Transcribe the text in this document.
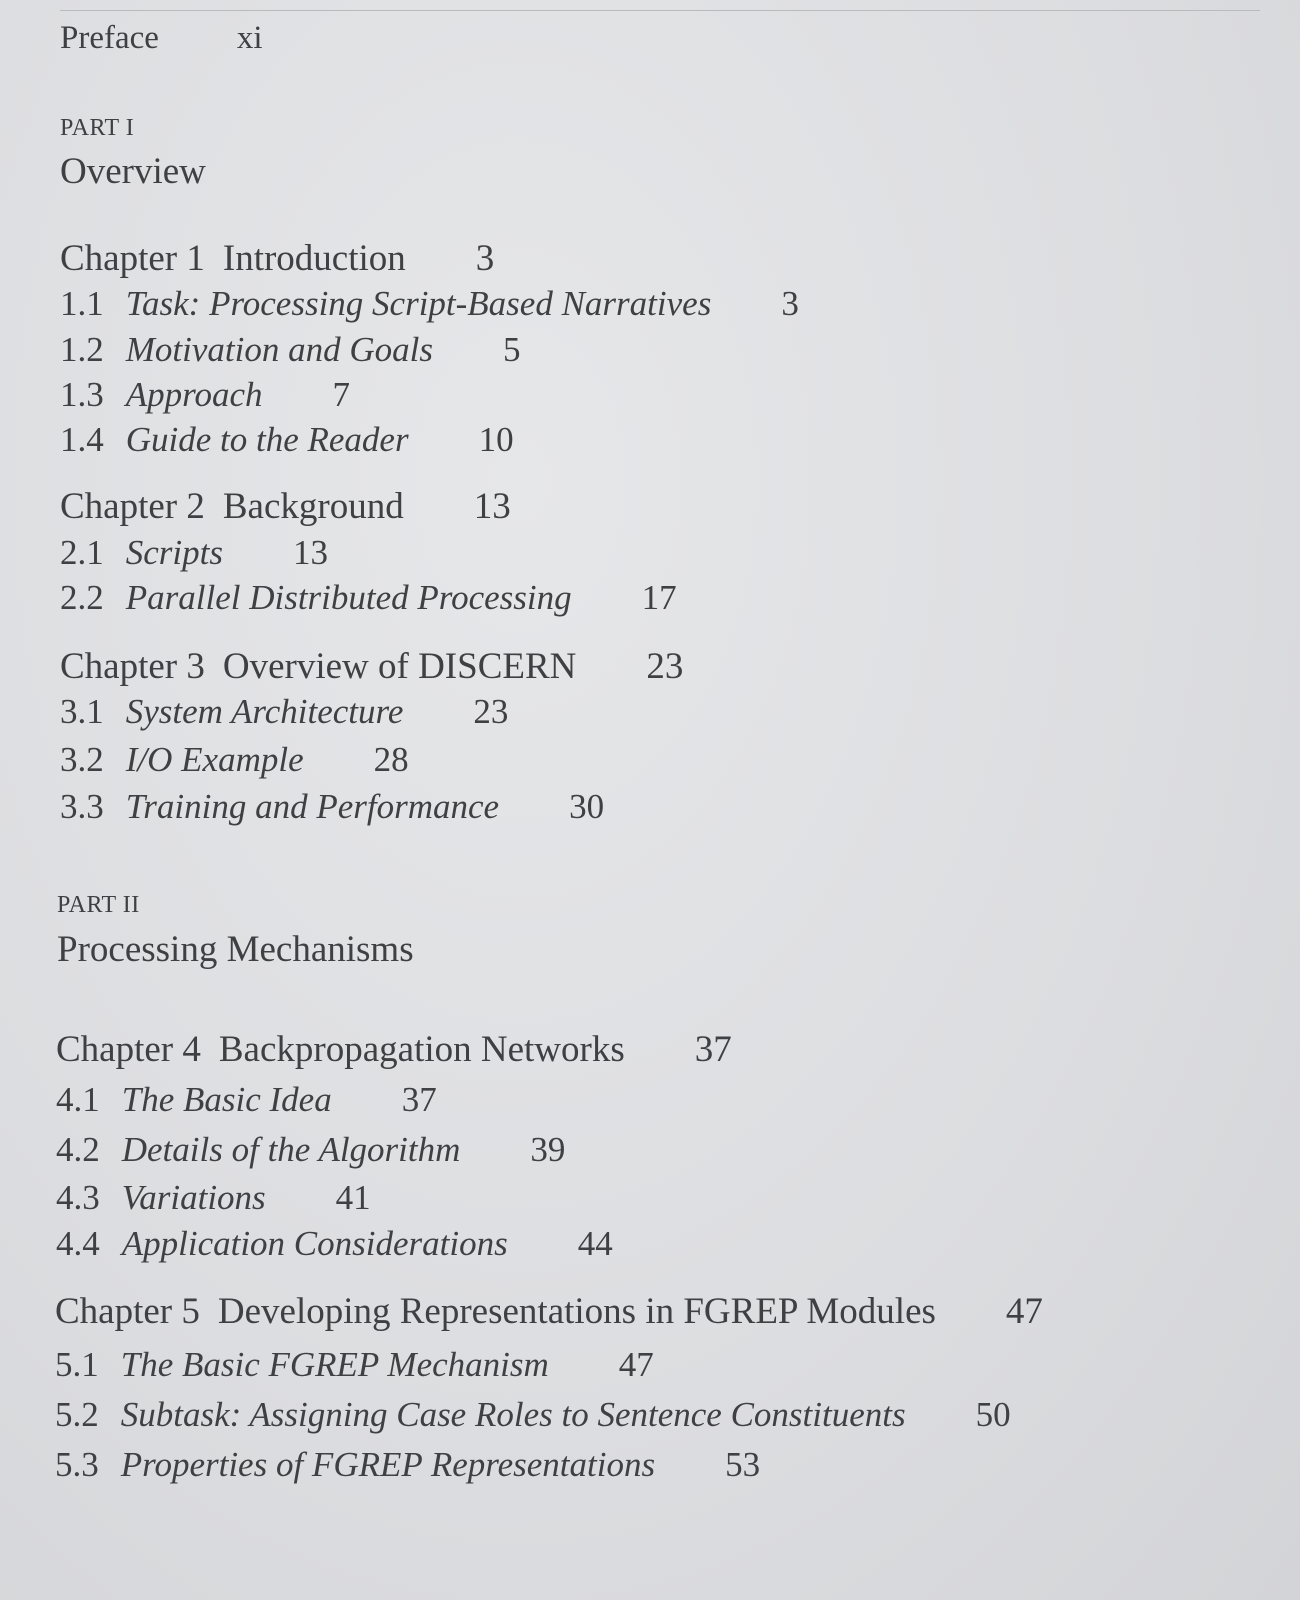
Preface xi
PART I
Overview
Chapter 1 Introduction 3
1.1 Task: Processing Script-Based Narratives 3
1.2 Motivation and Goals 5
1.3 Approach 7
1.4 Guide to the Reader 10
Chapter 2 Background 13
2.1 Scripts 13
2.2 Parallel Distributed Processing 17
Chapter 3 Overview of DISCERN 23
3.1 System Architecture 23
3.2 I/O Example 28
3.3 Training and Performance 30
PART II
Processing Mechanisms
Chapter 4 Backpropagation Networks 37
4.1 The Basic Idea 37
4.2 Details of the Algorithm 39
4.3 Variations 41
4.4 Application Considerations 44
Chapter 5 Developing Representations in FGREP Modules 47
5.1 The Basic FGREP Mechanism 47
5.2 Subtask: Assigning Case Roles to Sentence Constituents 50
5.3 Properties of FGREP Representations 53
